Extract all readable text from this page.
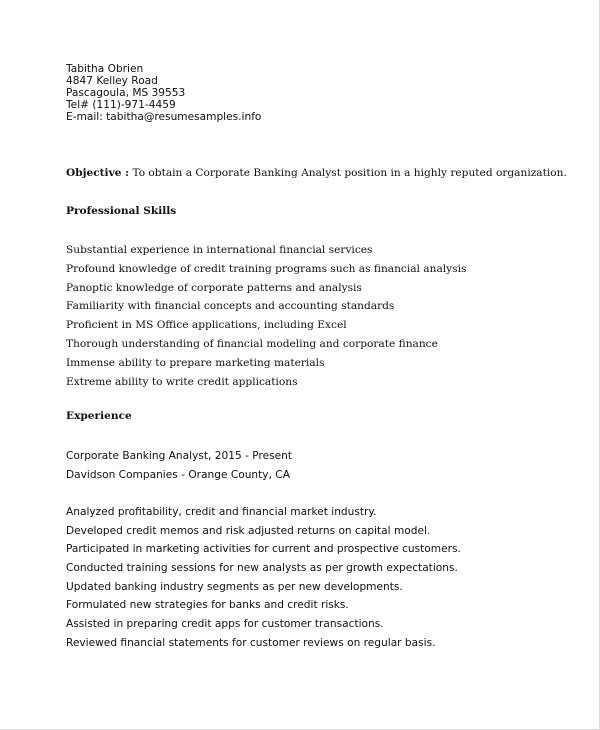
Tabitha Obrien
4847 Kelley Road
Pascagoula, MS 39553
Tel# (111)-971-4459
E-mail: tabitha@resumesamples.info
Objective : To obtain a Corporate Banking Analyst position in a highly reputed organization.
Professional Skills
Substantial experience in international financial services
Profound knowledge of credit training programs such as financial analysis
Panoptic knowledge of corporate patterns and analysis
Familiarity with financial concepts and accounting standards
Proficient in MS Office applications, including Excel
Thorough understanding of financial modeling and corporate finance
Immense ability to prepare marketing materials
Extreme ability to write credit applications
Experience
Corporate Banking Analyst, 2015 - Present
Davidson Companies - Orange County, CA
Analyzed profitability, credit and financial market industry.
Developed credit memos and risk adjusted returns on capital model.
Participated in marketing activities for current and prospective customers.
Conducted training sessions for new analysts as per growth expectations.
Updated banking industry segments as per new developments.
Formulated new strategies for banks and credit risks.
Assisted in preparing credit apps for customer transactions.
Reviewed financial statements for customer reviews on regular basis.
